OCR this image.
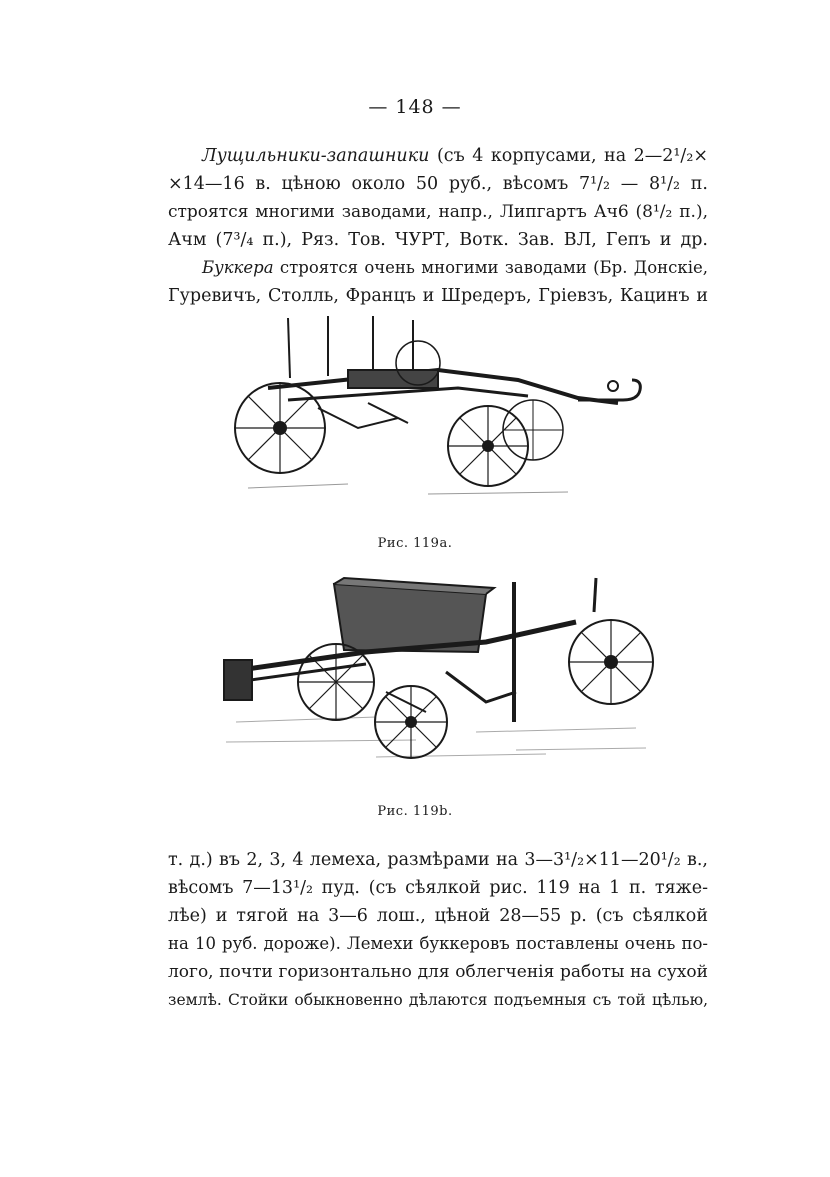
— 148 —
Лущильники-запашники (съ 4 корпусами, на 2—2¹/₂×
×14—16 в. цѣною около 50 руб., вѣсомъ 7¹/₂ — 8¹/₂ п.
строятся многими заводами, напр., Липгартъ Ач6 (8¹/₂ п.),
Ачм (7³/₄ п.), Ряз. Тов. ЧУРТ, Вотк. Зав. ВЛ, Гепъ и др.
Буккера строятся очень многими заводами (Бр. Донскіе,
Гуревичъ, Столль, Францъ и Шредеръ, Гріевзъ, Кацинъ и
Рис. 119a.
Рис. 119b.
т. д.) въ 2, 3, 4 лемеха, размѣрами на 3—3¹/₂×11—20¹/₂ в.,
вѣсомъ 7—13¹/₂ пуд. (съ сѣялкой рис. 119 на 1 п. тяже-
лѣе) и тягой на 3—6 лош., цѣной 28—55 р. (съ сѣялкой
на 10 руб. дороже). Лемехи буккеровъ поставлены очень по-
лого, почти горизонтально для облегченія работы на сухой
землѣ. Стойки обыкновенно дѣлаются подъемныя съ той цѣлью,
